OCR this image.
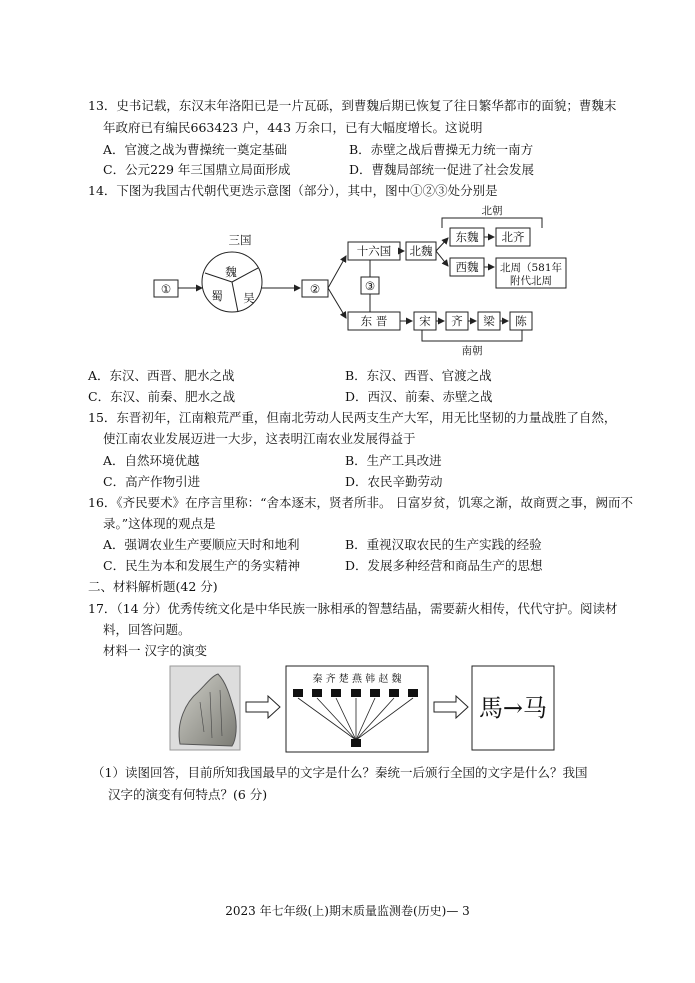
13．史书记载，东汉末年洛阳已是一片瓦砾，到曹魏后期已恢复了往日繁华都市的面貌；曹魏末
年政府已有编民663423 户，443 万余口，已有大幅度增长。这说明
A．官渡之战为曹操统一奠定基础	B．赤壁之战后曹操无力统一南方
C．公元229 年三国鼎立局面形成	D．曹魏局部统一促进了社会发展
14．下图为我国古代朝代更迭示意图（部分），其中，图中①②③处分别是
三国
魏
蜀 吴
①	②	③
十六国
东 晋
北魏
东魏 北齐
西魏 北周（581年
附代北周
北朝
宋 齐 梁 陈
南朝
A．东汉、西晋、肥水之战	B．东汉、西晋、官渡之战
C．东汉、前秦、肥水之战	D．西汉、前秦、赤壁之战
15．东晋初年，江南粮荒严重，但南北劳动人民两支生产大军，用无比坚韧的力量战胜了自然，
使江南农业发展迈进一大步，这表明江南农业发展得益于
A．自然环境优越	B．生产工具改进
C．高产作物引进	D．农民辛勤劳动
16．《齐民要术》在序言里称：“舍本逐末，贤者所非。 日富岁贫，饥寒之渐，故商贾之事，阙而不
录。”这体现的观点是
A．强调农业生产要顺应天时和地利	B．重视汉取农民的生产实践的经验
C．民生为本和发展生产的务实精神	D．发展多种经营和商品生产的思想
二、材料解析题(42 分)
17．（14 分）优秀传统文化是中华民族一脉相承的智慧结晶，需要薪火相传，代代守护。阅读材
料，回答问题。
材料一 汉字的演变
秦 齐 楚 燕 韩 赵 魏
馬→马
（1）读图回答，目前所知我国最早的文字是什么？秦统一后颁行全国的文字是什么？我国
汉字的演变有何特点？(6 分)
2023 年七年级(上)期末质量监测卷(历史)— 3
